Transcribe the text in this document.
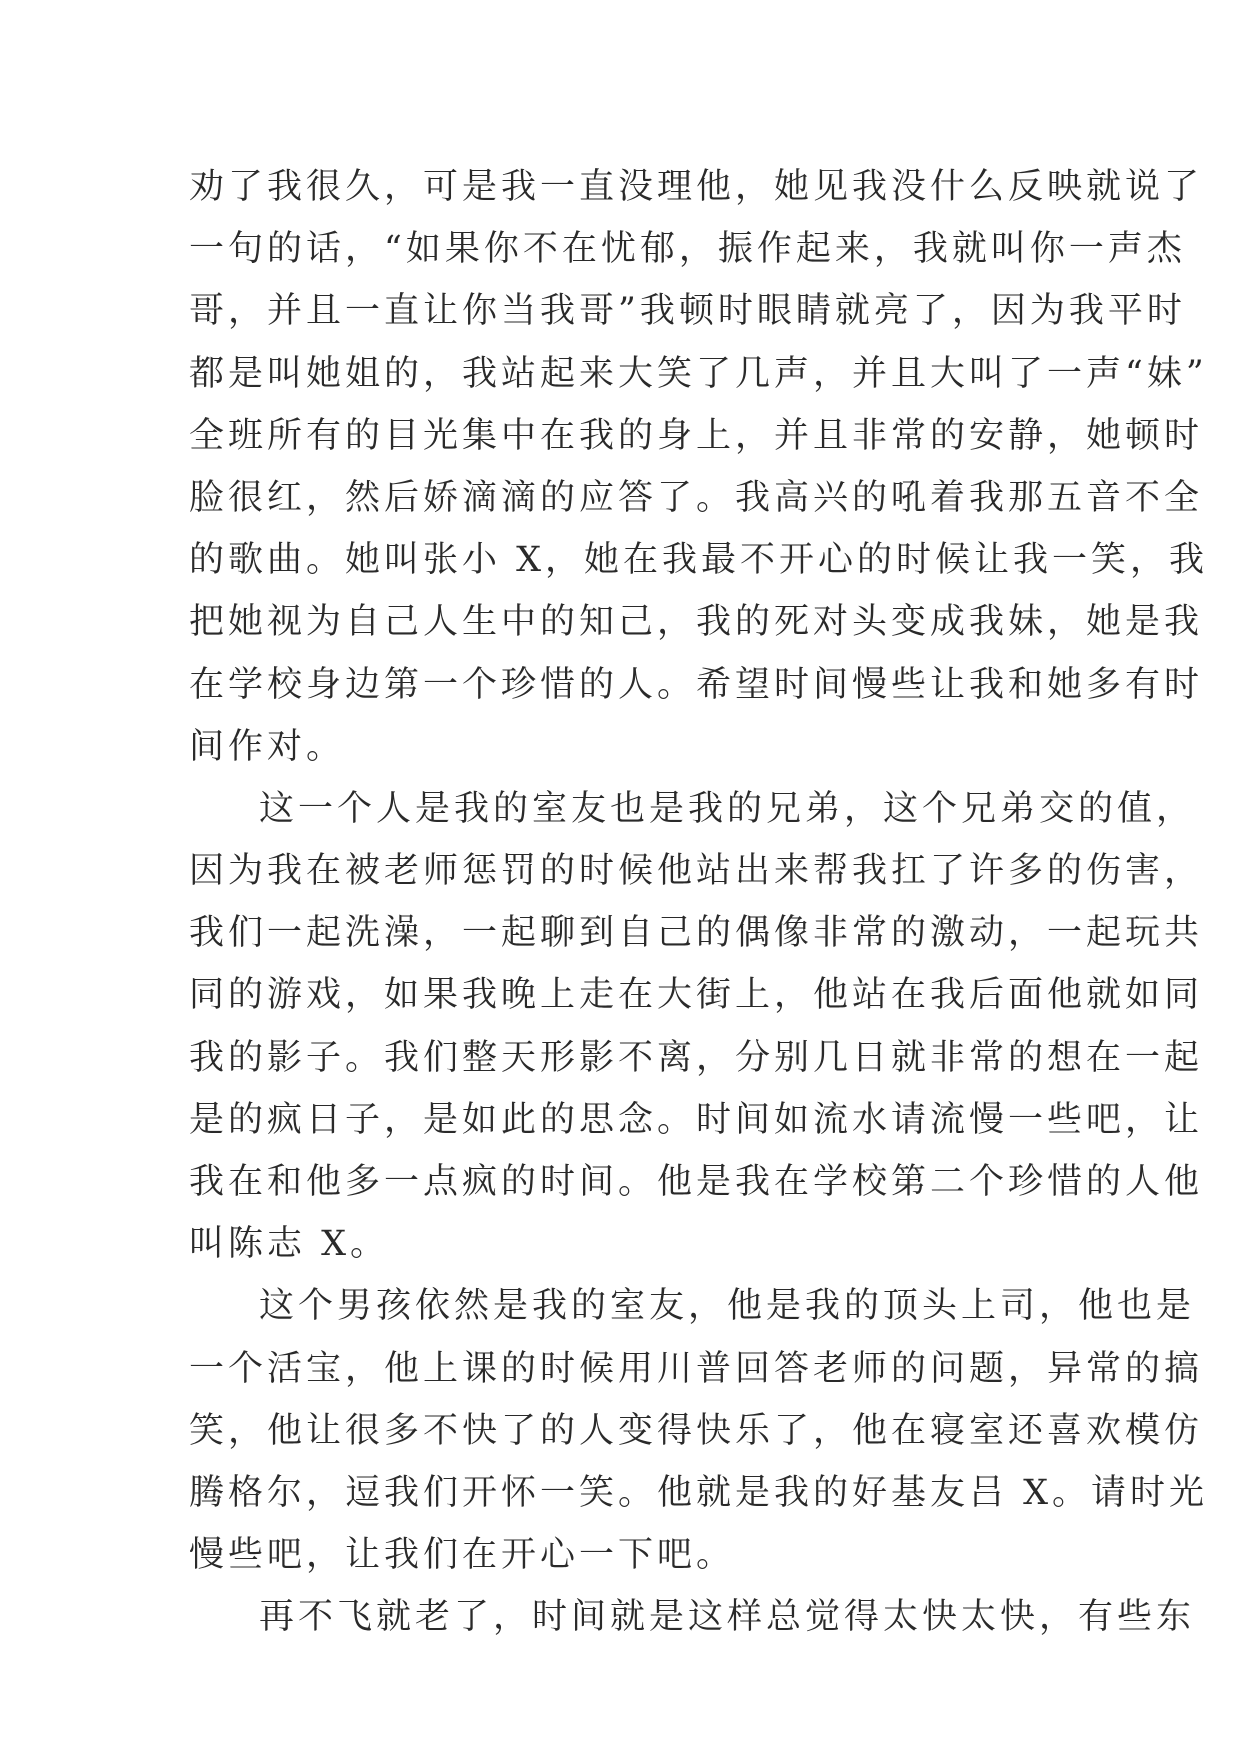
劝了我很久，可是我一直没理他，她见我没什么反映就说了
一句的话，“如果你不在忧郁，振作起来，我就叫你一声杰
哥，并且一直让你当我哥”我顿时眼睛就亮了，因为我平时
都是叫她姐的，我站起来大笑了几声，并且大叫了一声“妹”
全班所有的目光集中在我的身上，并且非常的安静，她顿时
脸很红，然后娇滴滴的应答了。我高兴的吼着我那五音不全
的歌曲。她叫张小 X，她在我最不开心的时候让我一笑，我
把她视为自己人生中的知己，我的死对头变成我妹，她是我
在学校身边第一个珍惜的人。希望时间慢些让我和她多有时
间作对。
这一个人是我的室友也是我的兄弟，这个兄弟交的值，
因为我在被老师惩罚的时候他站出来帮我扛了许多的伤害，
我们一起洗澡，一起聊到自己的偶像非常的激动，一起玩共
同的游戏，如果我晚上走在大街上，他站在我后面他就如同
我的影子。我们整天形影不离，分别几日就非常的想在一起
是的疯日子，是如此的思念。时间如流水请流慢一些吧，让
我在和他多一点疯的时间。他是我在学校第二个珍惜的人他
叫陈志 X。
这个男孩依然是我的室友，他是我的顶头上司，他也是
一个活宝，他上课的时候用川普回答老师的问题，异常的搞
笑，他让很多不快了的人变得快乐了，他在寝室还喜欢模仿
腾格尔，逗我们开怀一笑。他就是我的好基友吕 X。请时光
慢些吧，让我们在开心一下吧。
再不飞就老了，时间就是这样总觉得太快太快，有些东
